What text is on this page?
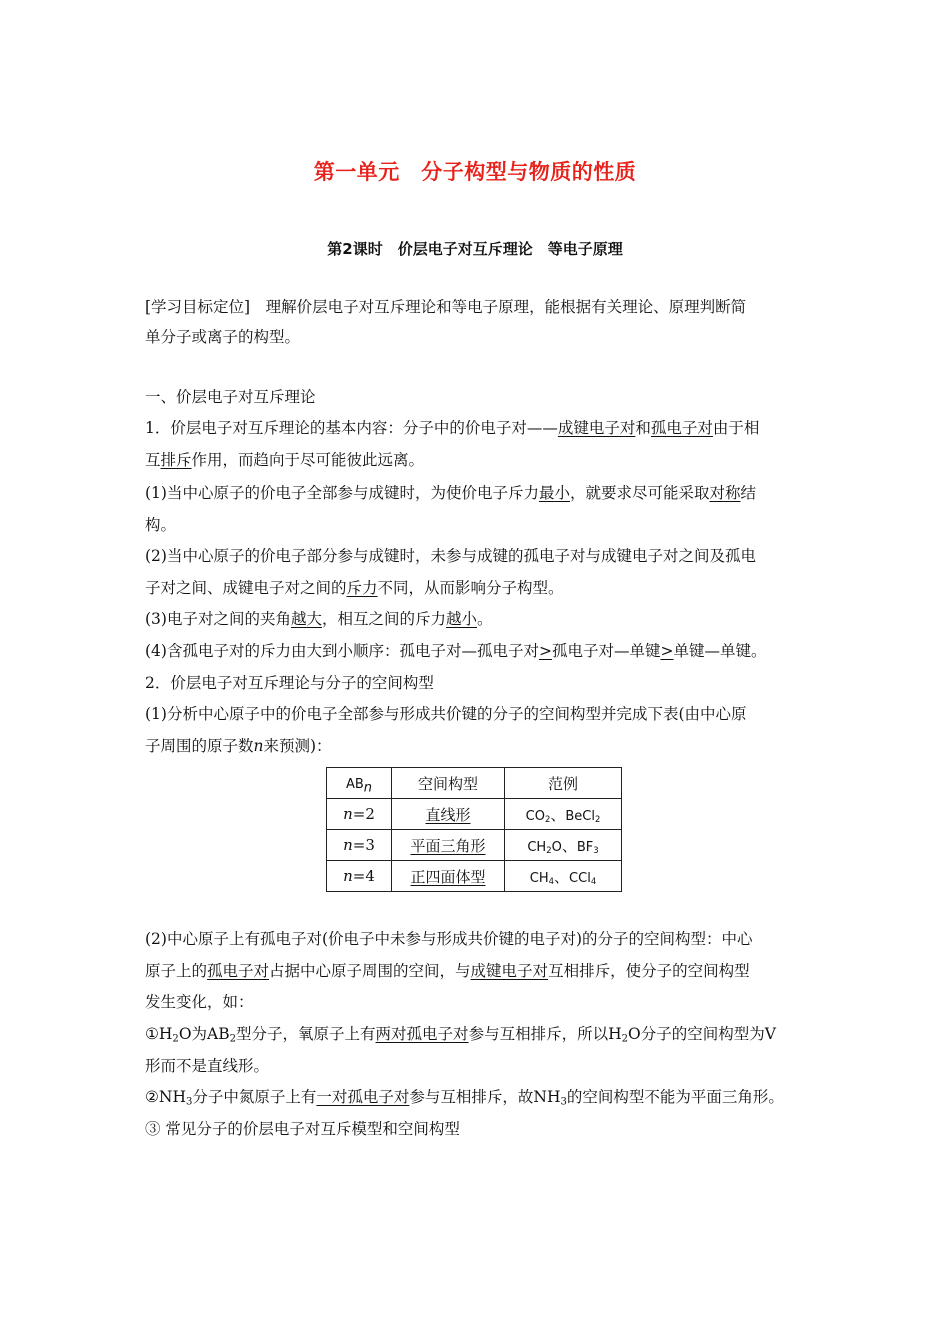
第一单元　分子构型与物质的性质
第2课时　价层电子对互斥理论　等电子原理
[学习目标定位]　 理解价层电子对互斥理论和等电子原理，能根据有关理论、原理判断简
单分子或离子的构型。
一、价层电子对互斥理论
1．价层电子对互斥理论的基本内容：分子中的价电子对——成键电子对和孤电子对由于相
互排斥作用，而趋向于尽可能彼此远离。
(1)当中心原子的价电子全部参与成键时，为使价电子斥力最小，就要求尽可能采取对称结
构。
(2)当中心原子的价电子部分参与成键时，未参与成键的孤电子对与成键电子对之间及孤电
子对之间、成键电子对之间的斥力不同，从而影响分子构型。
(3)电子对之间的夹角越大，相互之间的斥力越小。
(4)含孤电子对的斥力由大到小顺序：孤电子对—孤电子对>孤电子对—单键>单键—单键。
2．价层电子对互斥理论与分子的空间构型
(1)分析中心原子中的价电子全部参与形成共价键的分子的空间构型并完成下表(由中心原
子周围的原子数n来预测)：
$AB_n$	空间构型	范例
n=2	直线形	$CO_2$、BeCl$_2$
n=3	平面三角形	$CH_2O$、$BF_3$
n=4	正四面体型	$CH_4$、CCl$_4$
(2)中心原子上有孤电子对(价电子中未参与形成共价键的电子对)的分子的空间构型：中心
原子上的孤电子对占据中心原子周围的空间，与成键电子对互相排斥，使分子的空间构型
发生变化，如：
$①H_2O$为$AB_2$型分子，氧原子上有两对孤电子对参与互相排斥，所以$H_2O$分子的空间构型为V
形而不是直线形。
$②NH_3$分子中氮原子上有一对孤电子对参与互相排斥，故$NH_3$的空间构型不能为平面三角形。
③ 常见分子的价层电子对互斥模型和空间构型
